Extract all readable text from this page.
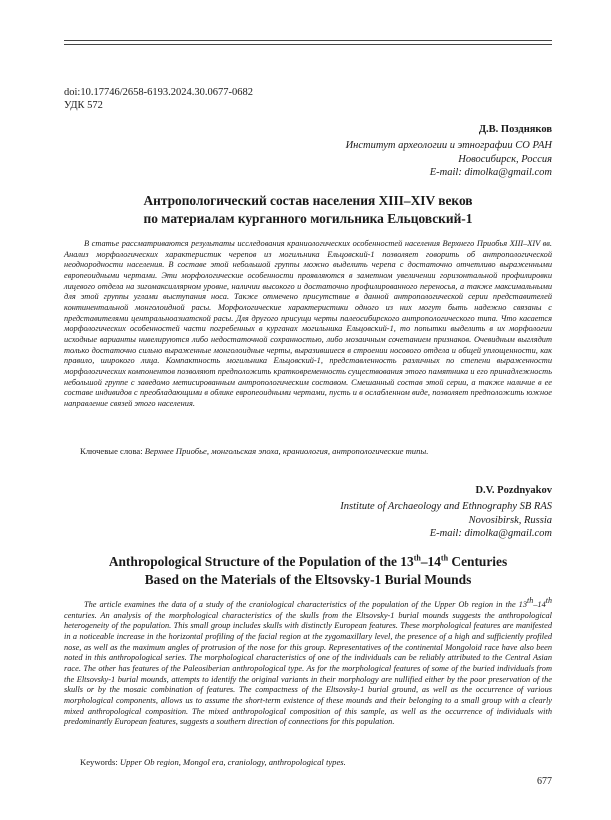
doi:10.17746/2658-6193.2024.30.0677-0682
УДК 572
Д.В. Поздняков
Институт археологии и этнографии СО РАН
Новосибирск, Россия
E-mail: dimolka@gmail.com
Антропологический состав населения XIII–XIV веков
по материалам курганного могильника Ельцовский-1
В статье рассматриваются результаты исследования краниологических особенностей населения Верхнего Приобья XIII–XIV вв. Анализ морфологических характеристик черепов из могильника Ельцовский-1 позволяет говорить об антропологической неоднородности населения. В составе этой небольшой группы можно выделить черепа с достаточно отчетливо выраженными европеоидными чертами. Эти морфологические особенности проявляются в заметном увеличении горизонтальной профилировки лицевого отдела на зигомаксиллярном уровне, наличии высокого и достаточно профилированного переносья, а также максимальными для этой группы углами выступания носа. Также отмечено присутствие в данной антропологической серии представителей континентальной монголоидной расы. Морфологические характеристики одного из них могут быть надежно связаны с представителями центральноазиатской расы. Для другого присущи черты палеосибирского антропологического типа. Что касается морфологических особенностей части погребенных в курганах могильника Ельцовский-1, то попытки выделить в их морфологии исходные варианты нивелируются либо недостаточной сохранностью, либо мозаичным сочетанием признаков. Очевидным выглядит только достаточно сильно выраженные монголоидные черты, выразившиеся в строении носового отдела и общей уплощенности, как правило, широкого лица. Компактность могильника Ельцовский-1, представленность различных по степени выраженности морфологических компонентов позволяют предположить кратковременность существования этого памятника и его принадлежность небольшой группе с заведомо метисированным антропологическим составом. Смешанный состав этой серии, а также наличие в ее составе индивидов с преобладающими в облике европеоидными чертами, пусть и в ослабленном виде, позволяет предположить южное направление связей этого населения.
Ключевые слова: Верхнее Приобье, монгольская эпоха, краниология, антропологические типы.
D.V. Pozdnyakov
Institute of Archaeology and Ethnography SB RAS
Novosibirsk, Russia
E-mail: dimolka@gmail.com
Anthropological Structure of the Population of the 13th–14th Centuries
Based on the Materials of the Eltsovsky-1 Burial Mounds
The article examines the data of a study of the craniological characteristics of the population of the Upper Ob region in the 13th–14th centuries. An analysis of the morphological characteristics of the skulls from the Eltsovsky-1 burial mounds suggests the anthropological heterogeneity of the population. This small group includes skulls with distinctly European features. These morphological features are manifested in a noticeable increase in the horizontal profiling of the facial region at the zygomaxillary level, the presence of a high and sufficiently profiled nose, as well as the maximum angles of protrusion of the nose for this group. Representatives of the continental Mongoloid race have also been noted in this anthropological series. The morphological characteristics of one of the individuals can be reliably attributed to the Central Asian race. The other has features of the Paleosiberian anthropological type. As for the morphological features of some of the buried individuals from the Eltsovsky-1 burial mounds, attempts to identify the original variants in their morphology are nullified either by the poor preservation of the skulls or by the mosaic combination of features. The compactness of the Eltsovsky-1 burial ground, as well as the occurrence of various morphological components, allows us to assume the short-term existence of these mounds and their belonging to a small group with a clearly mixed anthropological composition. The mixed anthropological composition of this sample, as well as the occurrence of individuals with predominantly European features, suggests a southern direction of connections for this population.
Keywords: Upper Ob region, Mongol era, craniology, anthropological types.
677
